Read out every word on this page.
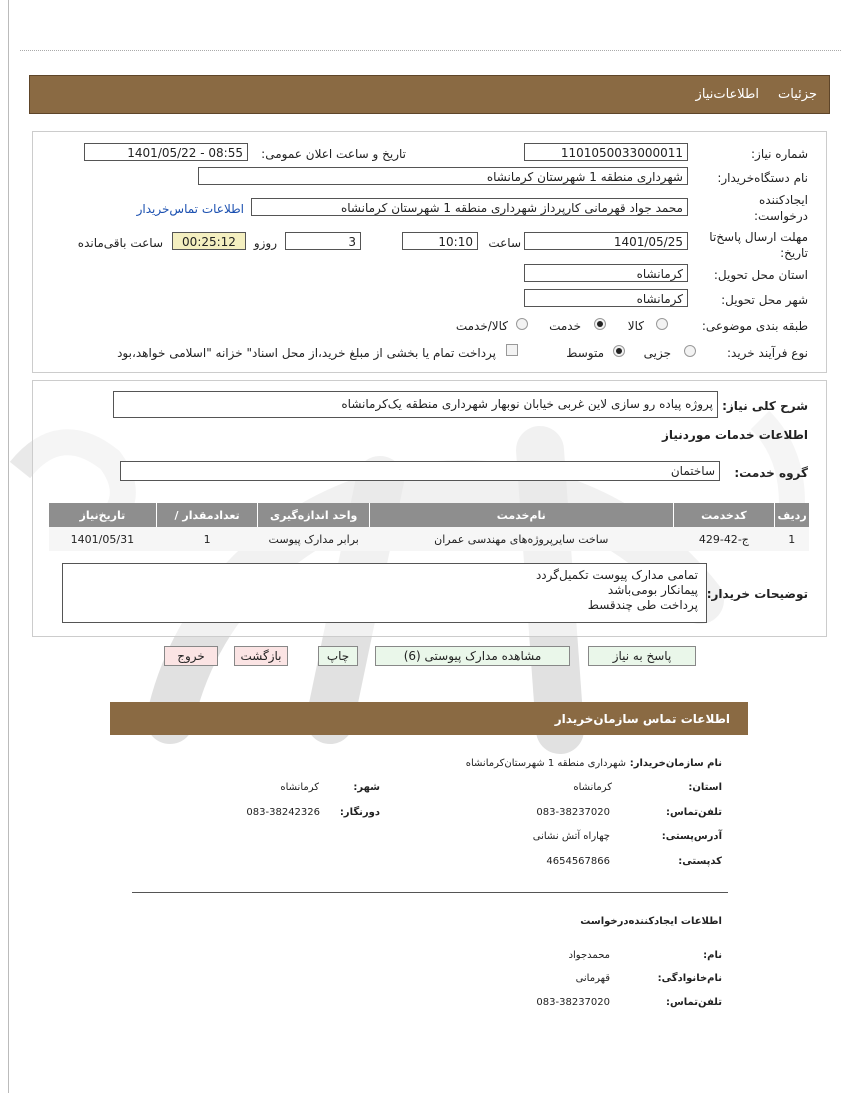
جزئیات
اطلاعات‌نیاز
شماره نیاز:
1101050033000011
تاریخ و ساعت اعلان عمومی:
1401/05/22 - 08:55
نام دستگاه‌خریدار:
شهرداری منطقه 1 شهرستان کرمانشاه
ایجادکننده
درخواست:
محمد جواد قهرمانی کارپرداز شهرداری منطقه 1 شهرستان کرمانشاه
اطلاعات تماس‌خریدار
مهلت ارسال پاسخ‌تا
تاریخ:
1401/05/25
ساعت
10:10
3
روزو
00:25:12
ساعت باقی‌مانده
استان محل تحویل:
کرمانشاه
شهر محل تحویل:
کرمانشاه
طبقه بندی موضوعی:
کالا
خدمت
کالا/خدمت
نوع فرآیند خرید:
جزیی
متوسط
پرداخت تمام یا بخشی از مبلغ خرید،از محل اسناد" خزانه "اسلامی خواهد،بود
شرح کلی نیاز:
پروژه پیاده رو سازی لاین غربی خیابان نوبهار شهرداری منطقه یک‌کرمانشاه
اطلاعات خدمات موردنیاز
گروه خدمت:
ساختمان
ردیف	کدخدمت	نام‌خدمت	واحد اندازه‌گیری	تعدادمقدار /	تاریخ‌نیاز
1	ج-42-429	ساخت سایرپروژه‌های مهندسی عمران	برابر مدارک پیوست	1	1401/05/31
توضیحات خریدار:
تمامی مدارک پیوست تکمیل‌گردد
پیمانکار بومی‌باشد
پرداخت طی چندقسط
پاسخ به نیاز
مشاهده مدارک پیوستی (6)
چاپ
بازگشت
خروج
اطلاعات تماس سازمان‌خریدار
نام سازمان‌خریدار:
شهرداری منطقه 1 شهرستان‌کرمانشاه
استان:
کرمانشاه
شهر:
کرمانشاه
تلفن‌تماس:
083-38237020
دورنگار:
083-38242326
آدرس‌پستی:
چهاراه آتش نشانی
کدپستی:
4654567866
اطلاعات ایجادکننده‌درخواست
نام:
محمدجواد
نام‌خانوادگی:
قهرمانی
تلفن‌تماس:
083-38237020
